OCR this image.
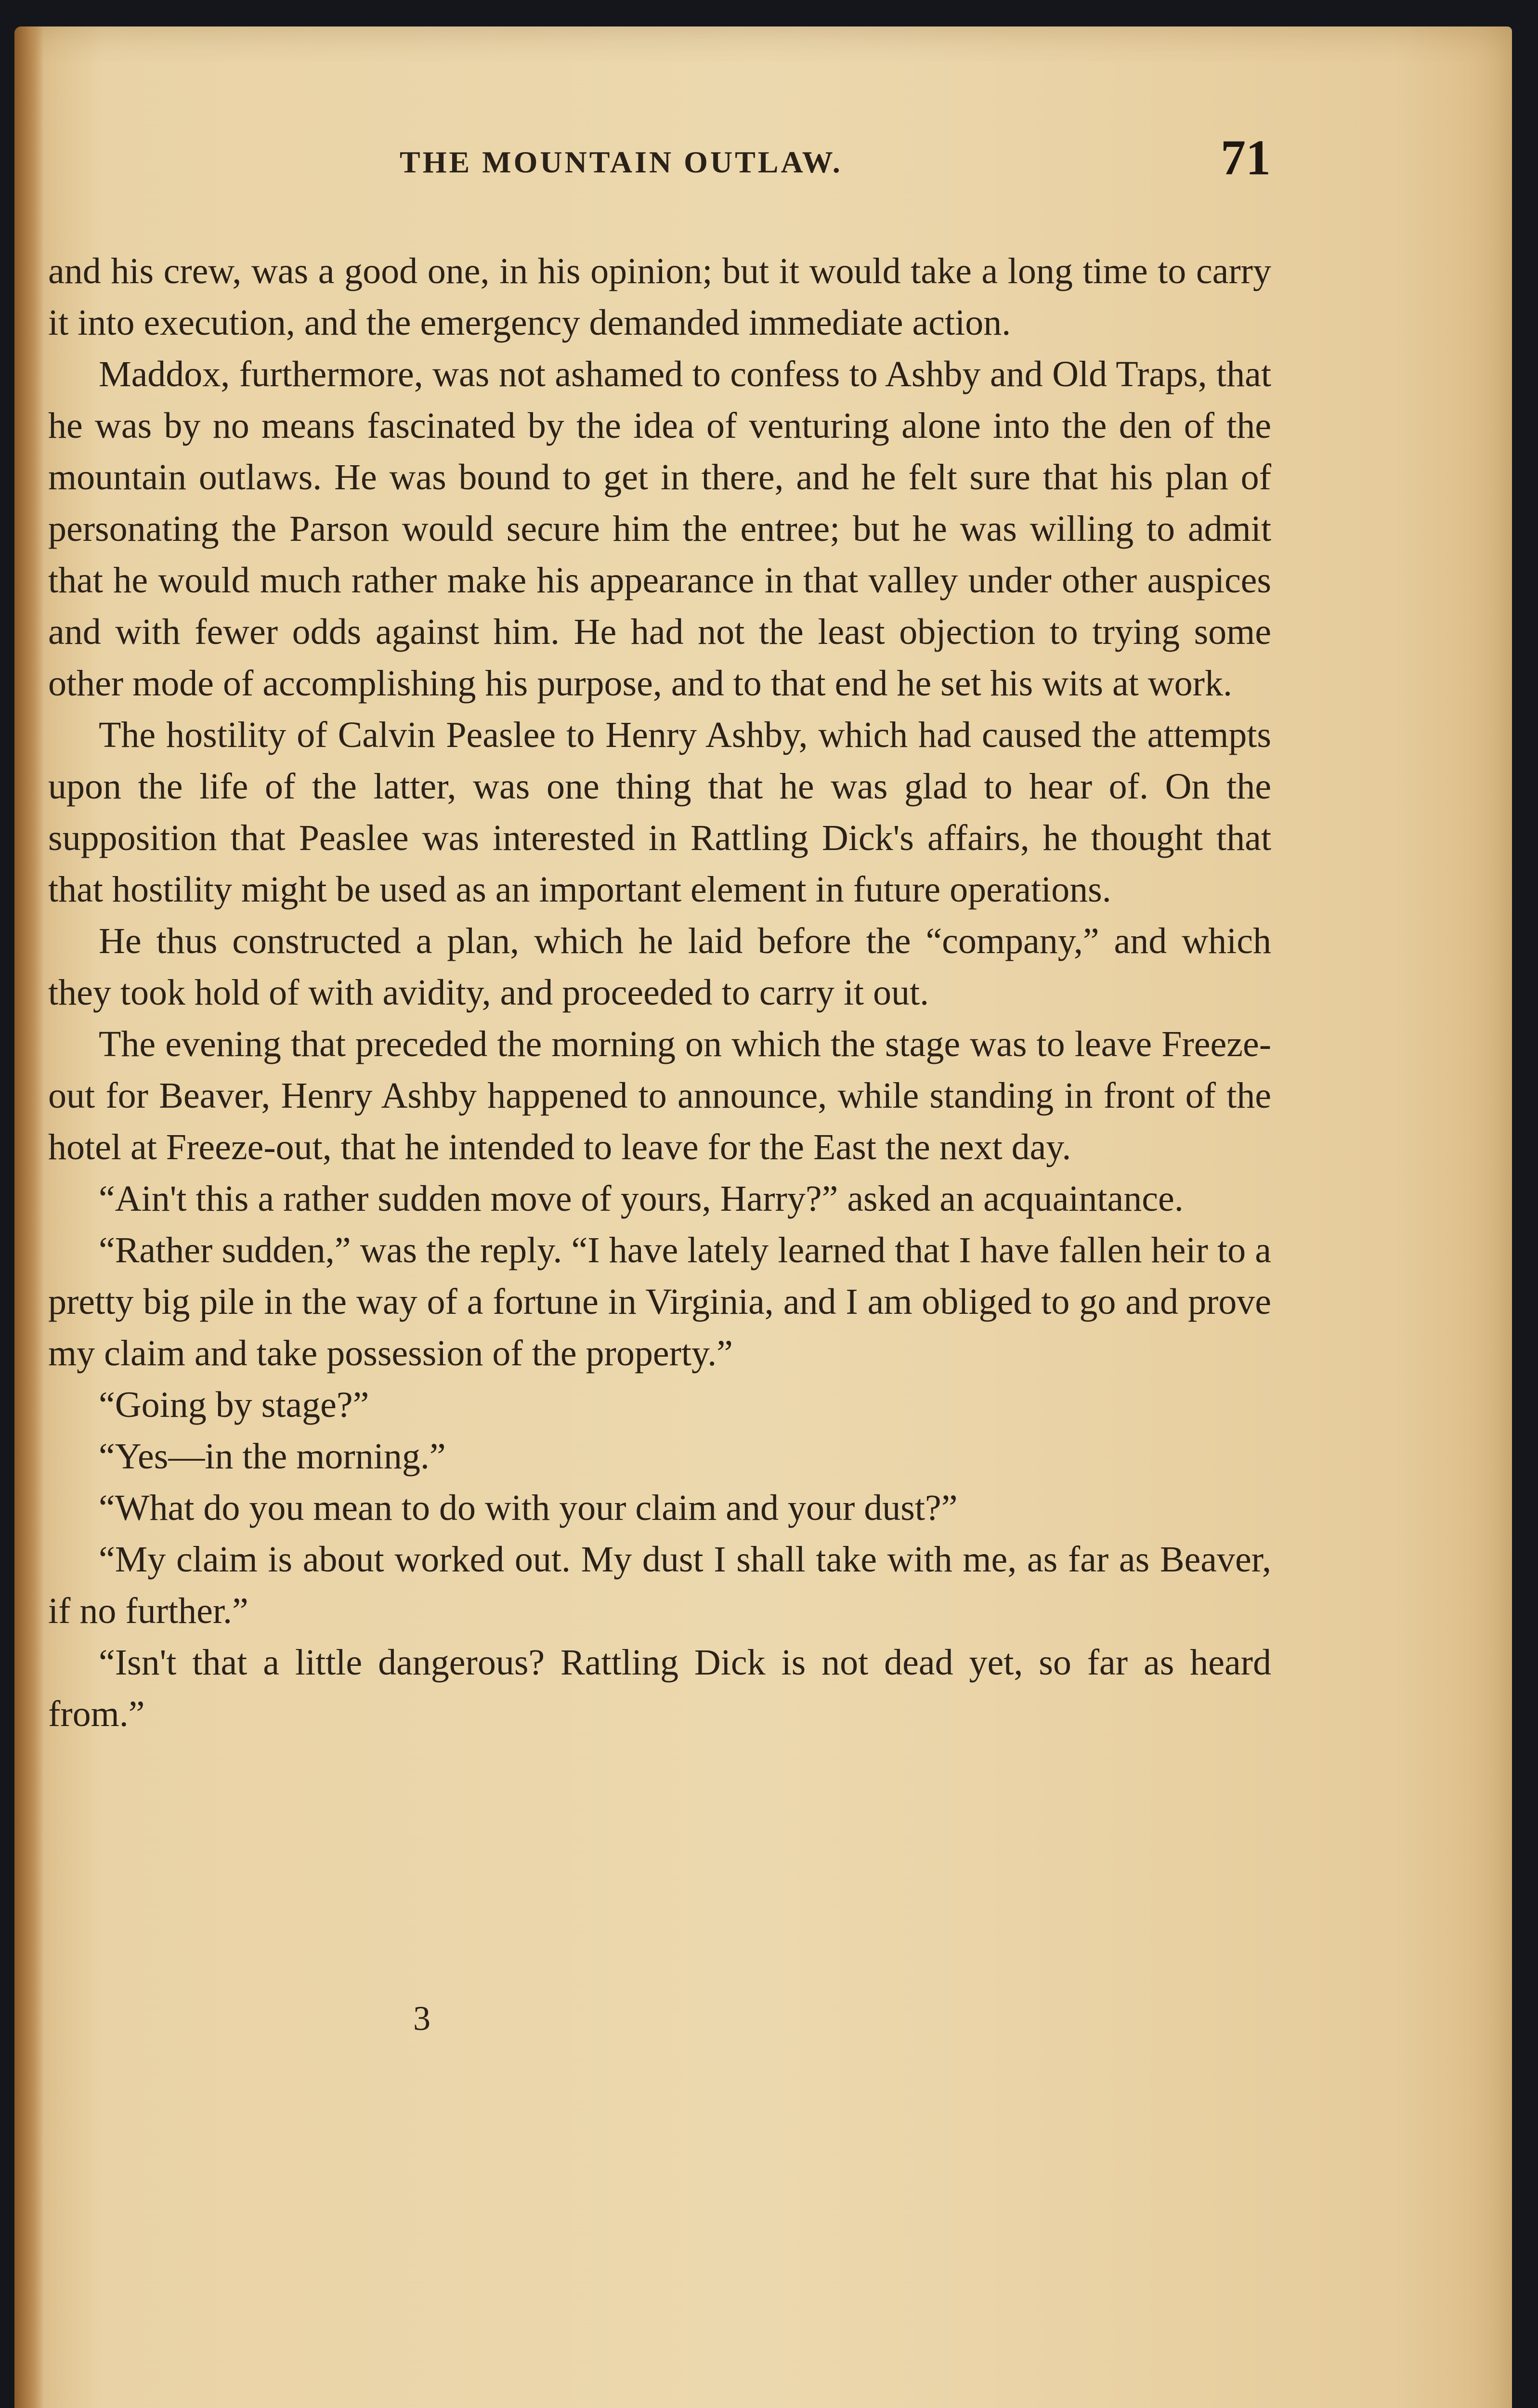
THE MOUNTAIN OUTLAW.	71

and his crew, was a good one, in his opinion; but it would take a long time to carry it into execution, and the emergency demanded immediate action.

Maddox, furthermore, was not ashamed to confess to Ashby and Old Traps, that he was by no means fascinated by the idea of venturing alone into the den of the mountain outlaws. He was bound to get in there, and he felt sure that his plan of personating the Parson would secure him the entree; but he was willing to admit that he would much rather make his appearance in that valley under other auspices and with fewer odds against him. He had not the least objection to trying some other mode of accomplishing his purpose, and to that end he set his wits at work.

The hostility of Calvin Peaslee to Henry Ashby, which had caused the attempts upon the life of the latter, was one thing that he was glad to hear of. On the supposition that Peaslee was interested in Rattling Dick's affairs, he thought that that hostility might be used as an important element in future operations.

He thus constructed a plan, which he laid before the “company,” and which they took hold of with avidity, and proceeded to carry it out.

The evening that preceded the morning on which the stage was to leave Freeze-out for Beaver, Henry Ashby happened to announce, while standing in front of the hotel at Freeze-out, that he intended to leave for the East the next day.

“Ain't this a rather sudden move of yours, Harry?” asked an acquaintance.

“Rather sudden,” was the reply. “I have lately learned that I have fallen heir to a pretty big pile in the way of a fortune in Virginia, and I am obliged to go and prove my claim and take possession of the property.”

“Going by stage?”

“Yes—in the morning.”

“What do you mean to do with your claim and your dust?”

“My claim is about worked out. My dust I shall take with me, as far as Beaver, if no further.”

“Isn't that a little dangerous? Rattling Dick is not dead yet, so far as heard from.”

3
